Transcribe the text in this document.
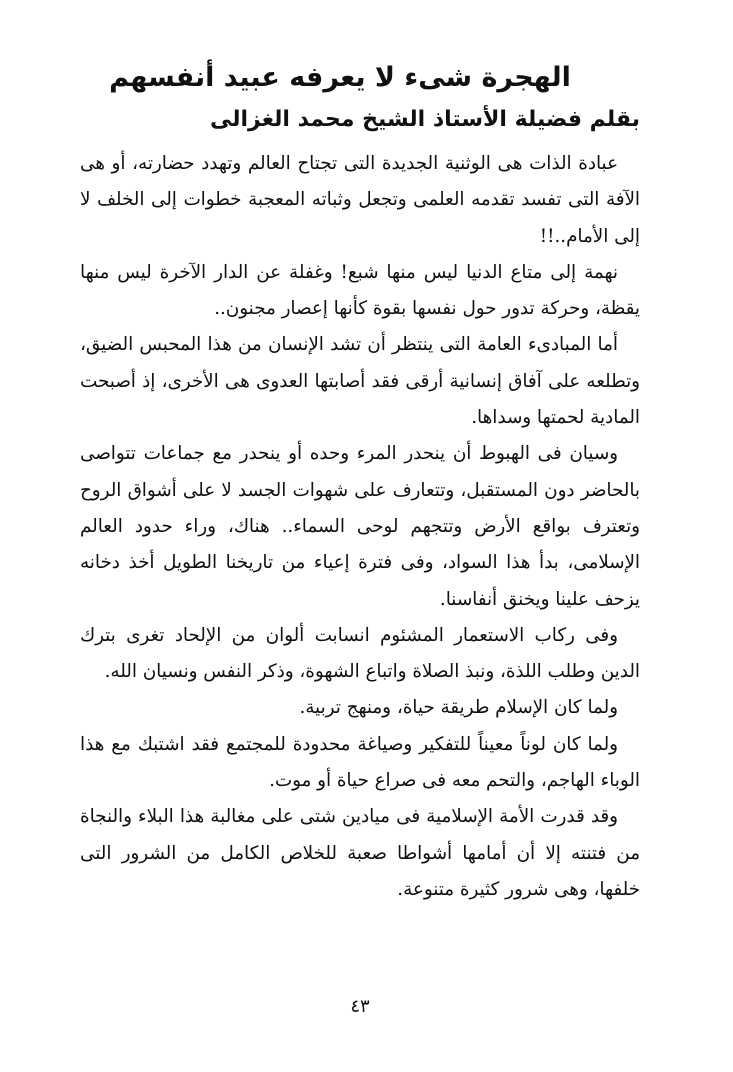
الهجرة شىء لا يعرفه عبيد أنفسهم
بقلم فضيلة الأستاذ الشيخ محمد الغزالى

عبادة الذات هى الوثنية الجديدة التى تجتاح العالم وتهدد حضارته، أو هى الآفة التى تفسد تقدمه العلمى وتجعل وثباته المعجبة خطوات إلى الخلف لا إلى الأمام..!!

نهمة إلى متاع الدنيا ليس منها شبع! وغفلة عن الدار الآخرة ليس منها يقظة، وحركة تدور حول نفسها بقوة كأنها إعصار مجنون..

أما المبادىء العامة التى ينتظر أن تشد الإنسان من هذا المحبس الضيق، وتطلعه على آفاق إنسانية أرقى فقد أصابتها العدوى هى الأخرى، إذ أصبحت المادية لحمتها وسداها.

وسيان فى الهبوط أن ينحدر المرء وحده أو ينحدر مع جماعات تتواصى بالحاضر دون المستقبل، وتتعارف على شهوات الجسد لا على أشواق الروح وتعترف بواقع الأرض وتتجهم لوحى السماء.. هناك، وراء حدود العالم الإسلامى، بدأ هذا السواد، وفى فترة إعياء من تاريخنا الطويل أخذ دخانه يزحف علينا ويخنق أنفاسنا.

وفى ركاب الاستعمار المشئوم انسابت ألوان من الإلحاد تغرى بترك الدين وطلب اللذة، ونبذ الصلاة واتباع الشهوة، وذكر النفس ونسيان الله.

ولما كان الإسلام طريقة حياة، ومنهج تربية.

ولما كان لوناً معيناً للتفكير وصياغة محدودة للمجتمع فقد اشتبك مع هذا الوباء الهاجم، والتحم معه فى صراع حياة أو موت.

وقد قدرت الأمة الإسلامية فى ميادين شتى على مغالبة هذا البلاء والنجاة من فتنته إلا أن أمامها أشواطا صعبة للخلاص الكامل من الشرور التى خلفها، وهى شرور كثيرة متنوعة.

٤٣
